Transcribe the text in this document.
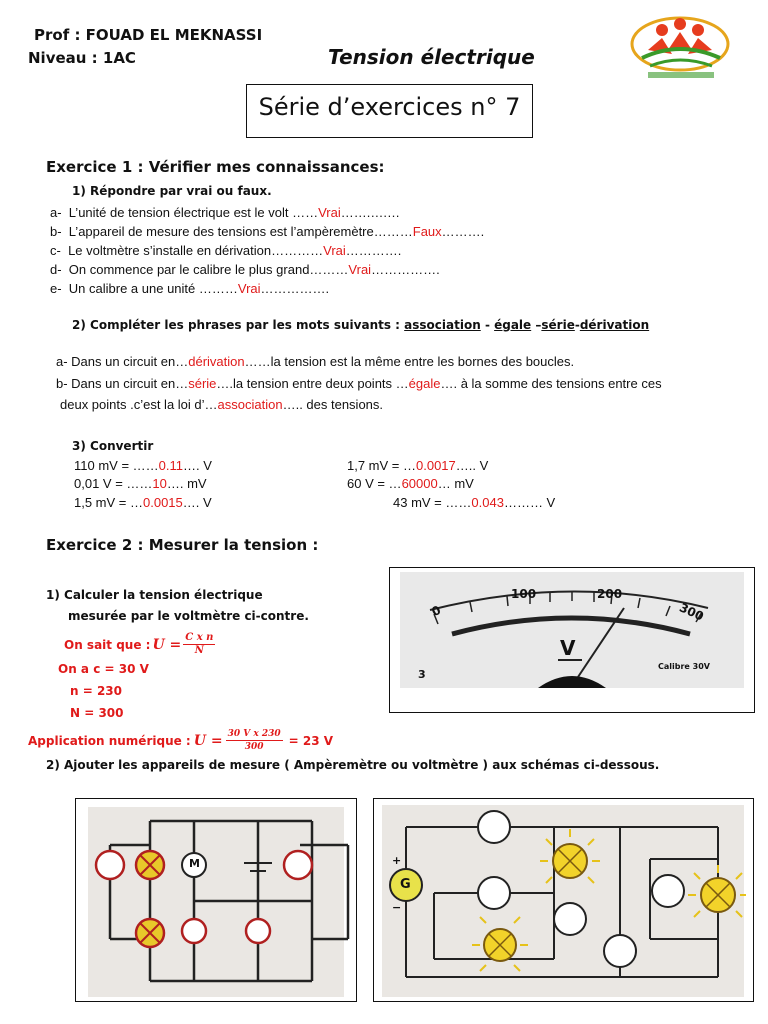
Prof : FOUAD EL MEKNASSI
Niveau : 1AC	Tension électrique
Série d’exercices n° 7
Exercice 1 : Vérifier mes connaissances:
1) Répondre par vrai ou faux.
a- L’unité de tension électrique est le volt ……Vrai…….….…
b- L’appareil de mesure des tensions est l’ampèremètre………Faux……….
c- Le voltmètre s’installe en dérivation…………Vrai………….
d- On commence par le calibre le plus grand………Vrai…………….
e- Un calibre a une unité ………Vrai…………….
2) Compléter les phrases par les mots suivants : association - égale –série-dérivation
a- Dans un circuit en…dérivation……la tension est la même entre les bornes des boucles.
b- Dans un circuit en…série….la tension entre deux points …égale…. à la somme des tensions entre ces
deux points .c’est la loi d’…association….. des tensions.
3) Convertir
110 mV = ……0.11…. V
0,01 V = ……10…. mV
1,5 mV = …0.0015…. V
1,7 mV = …0.0017….. V
60 V = …60000… mV
43 mV = ……0.043……… V
Exercice 2 : Mesurer la tension :
1) Calculer la tension électrique
mesurée par le voltmètre ci-contre.
On sait que : $U = \frac{\text{C x n}}{N}$
On a c = 30 V
n = 230
N = 300
Application numérique : $U = \frac{\text{30 V x 230}}{300} = 23$ V
2) Ajouter les appareils de mesure ( Ampèremètre ou voltmètre ) aux schémas ci-dessous.
0
100	200
300
V
Calibre 30V
3
M
G
+
−
